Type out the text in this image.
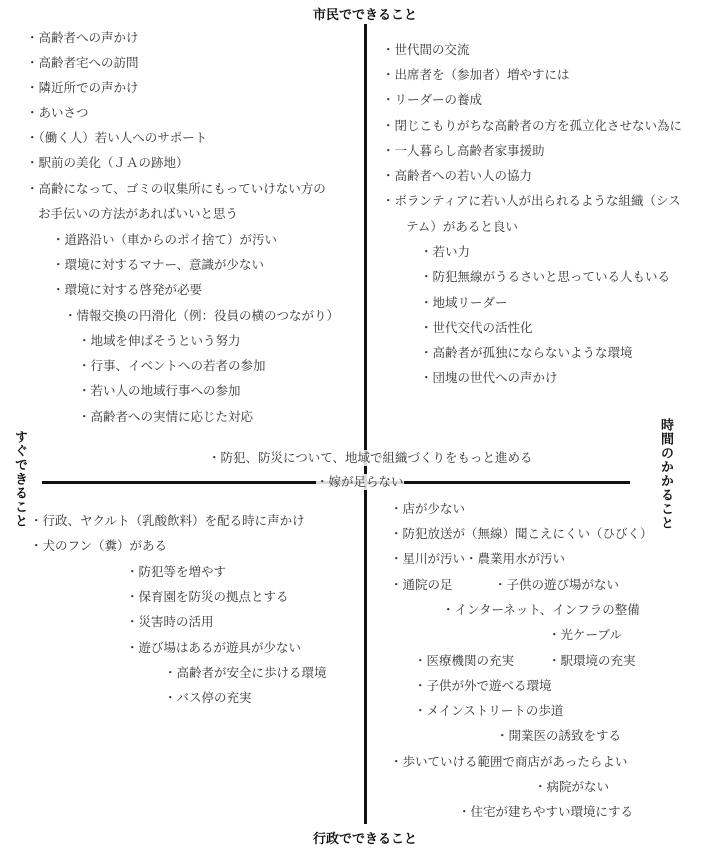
市民でできること
行政でできること
すぐできること	時間のかかること
・高齢者への声かけ
・高齢者宅への訪問
・隣近所での声かけ
・あいさつ
・（働く人）若い人へのサポート
・駅前の美化（ＪＡの跡地）
・高齢になって、ゴミの収集所にもっていけない方の
お手伝いの方法があればいいと思う
・道路沿い（車からのポイ捨て）が汚い
・環境に対するマナー、意識が少ない
・環境に対する啓発が必要
・情報交換の円滑化（例：役員の横のつながり）
・地域を伸ばそうという努力
・行事、イベントへの若者の参加
・若い人の地域行事への参加
・高齢者への実情に応じた対応
・世代間の交流
・出席者を（参加者）増やすには
・リーダーの養成
・閉じこもりがちな高齢者の方を孤立化させない為に
・一人暮らし高齢者家事援助
・高齢者への若い人の協力
・ボランティアに若い人が出られるような組織（シス
テム）があると良い
・若い力
・防犯無線がうるさいと思っている人もいる
・地域リーダー
・世代交代の活性化
・高齢者が孤独にならないような環境
・団塊の世代への声かけ
・防犯、防災について、地域で組織づくりをもっと進める
・嫁が足らない
・行政、ヤクルト（乳酸飲料）を配る時に声かけ
・犬のフン（糞）がある
・防犯等を増やす
・保育園を防災の拠点とする
・災害時の活用
・遊び場はあるが遊具が少ない
・高齢者が安全に歩ける環境
・バス停の充実
・店が少ない
・防犯放送が（無線）聞こえにくい（ひびく）
・星川が汚い・農業用水が汚い
・通院の足	・子供の遊び場がない
・インターネット、インフラの整備
・光ケーブル
・医療機関の充実	・駅環境の充実
・子供が外で遊べる環境
・メインストリートの歩道
・開業医の誘致をする
・歩いていける範囲で商店があったらよい
・病院がない
・住宅が建ちやすい環境にする
